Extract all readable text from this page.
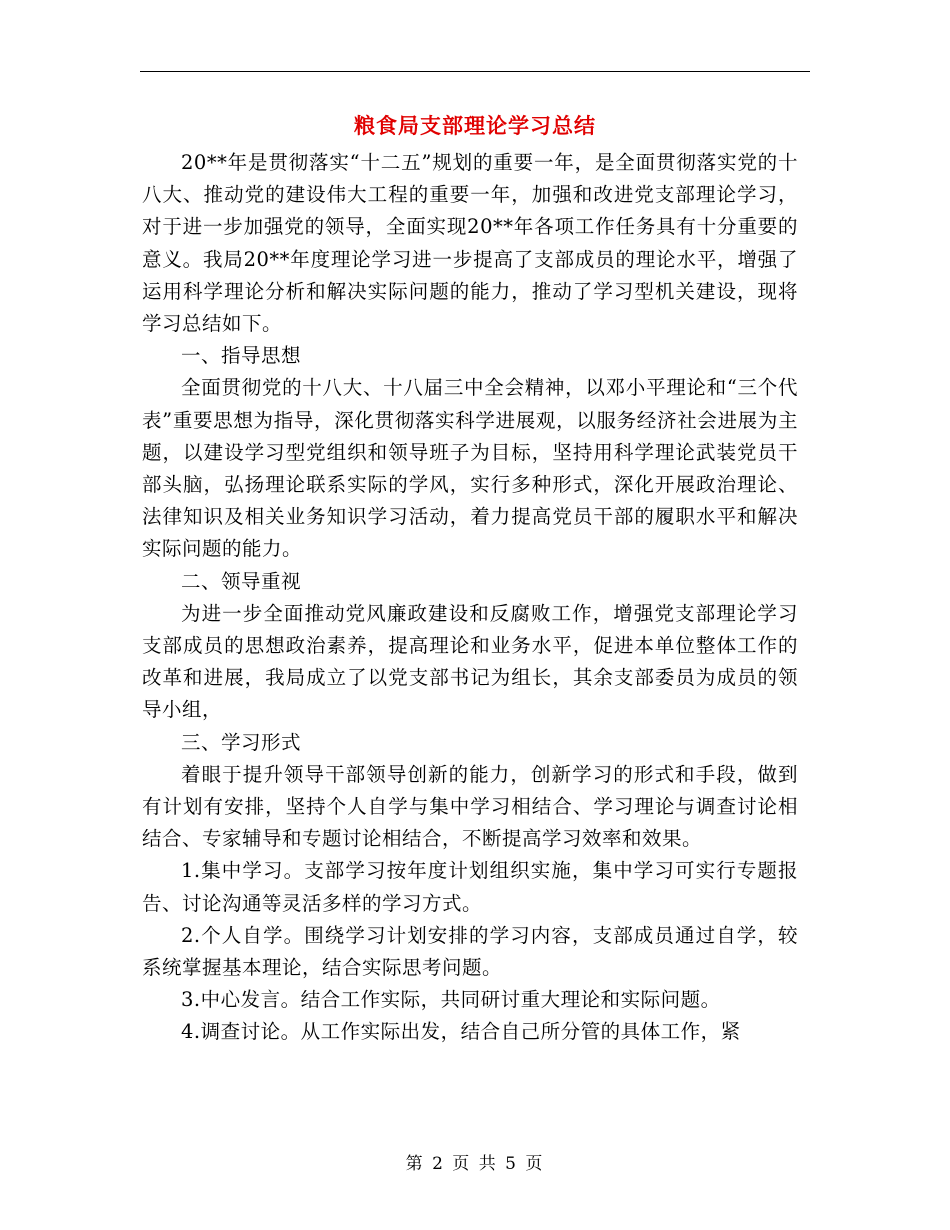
粮食局支部理论学习总结

20**年是贯彻落实“十二五”规划的重要一年，是全面贯彻落实党的十八大、推动党的建设伟大工程的重要一年，加强和改进党支部理论学习，对于进一步加强党的领导，全面实现20**年各项工作任务具有十分重要的意义。我局20**年度理论学习进一步提高了支部成员的理论水平，增强了运用科学理论分析和解决实际问题的能力，推动了学习型机关建设，现将学习总结如下。

一、指导思想

全面贯彻党的十八大、十八届三中全会精神，以邓小平理论和“三个代表”重要思想为指导，深化贯彻落实科学进展观，以服务经济社会进展为主题，以建设学习型党组织和领导班子为目标，坚持用科学理论武装党员干部头脑，弘扬理论联系实际的学风，实行多种形式，深化开展政治理论、法律知识及相关业务知识学习活动，着力提高党员干部的履职水平和解决实际问题的能力。

二、领导重视

为进一步全面推动党风廉政建设和反腐败工作，增强党支部理论学习支部成员的思想政治素养，提高理论和业务水平，促进本单位整体工作的改革和进展，我局成立了以党支部书记为组长，其余支部委员为成员的领导小组，

三、学习形式

着眼于提升领导干部领导创新的能力，创新学习的形式和手段，做到有计划有安排，坚持个人自学与集中学习相结合、学习理论与调查讨论相结合、专家辅导和专题讨论相结合，不断提高学习效率和效果。

1.集中学习。支部学习按年度计划组织实施，集中学习可实行专题报告、讨论沟通等灵活多样的学习方式。

2.个人自学。围绕学习计划安排的学习内容，支部成员通过自学，较系统掌握基本理论，结合实际思考问题。

3.中心发言。结合工作实际，共同研讨重大理论和实际问题。

4.调查讨论。从工作实际出发，结合自己所分管的具体工作，紧

第 2 页 共 5 页
